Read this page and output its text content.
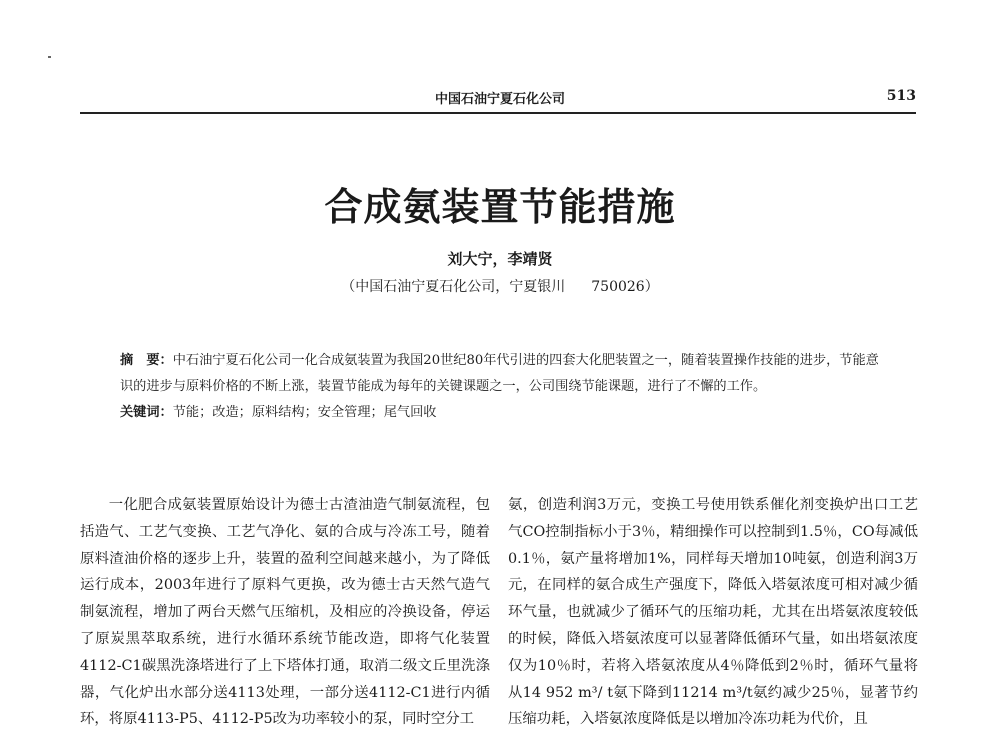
中国石油宁夏石化公司	513
合成氨装置节能措施
刘大宁，李靖贤
（中国石油宁夏石化公司，宁夏银川 750026）
摘　要：中石油宁夏石化公司一化合成氨装置为我国20世纪80年代引进的四套大化肥装置之一，随着装置操作技能的进步，节能意识的进步与原料价格的不断上涨，装置节能成为每年的关键课题之一，公司围绕节能课题，进行了不懈的工作。
关键词：节能；改造；原料结构；安全管理；尾气回收

一化肥合成氨装置原始设计为德士古渣油造气制氨流程，包括造气、工艺气变换、工艺气净化、氨的合成与冷冻工号，随着原料渣油价格的逐步上升，装置的盈利空间越来越小，为了降低运行成本，2003年进行了原料气更换，改为德士古天然气造气制氨流程，增加了两台天燃气压缩机，及相应的冷换设备，停运了原炭黑萃取系统，进行水循环系统节能改造，即将气化装置4112-C1碳黑洗涤塔进行了上下塔体打通，取消二级文丘里洗涤器，气化炉出水部分送4113处理，一部分送4112-C1进行内循环，将原4113-P5、4112-P5改为功率较小的泵，同时空分工

氨，创造利润3万元，变换工号使用铁系催化剂变换炉出口工艺气CO控制指标小于3％，精细操作可以控制到1.5％，CO每减低0.1％，氨产量将增加1%，同样每天增加10吨氨，创造利润3万元，在同样的氨合成生产强度下，降低入塔氨浓度可相对减少循环气量，也就减少了循环气的压缩功耗，尤其在出塔氨浓度较低的时候，降低入塔氨浓度可以显著降低循环气量，如出塔氨浓度仅为10％时，若将入塔氨浓度从4％降低到2％时，循环气量将从14 952 m³/ t氨下降到11214 m³/t氨约减少25％，显著节约压缩功耗，入塔氨浓度降低是以增加冷冻功耗为代价，且
